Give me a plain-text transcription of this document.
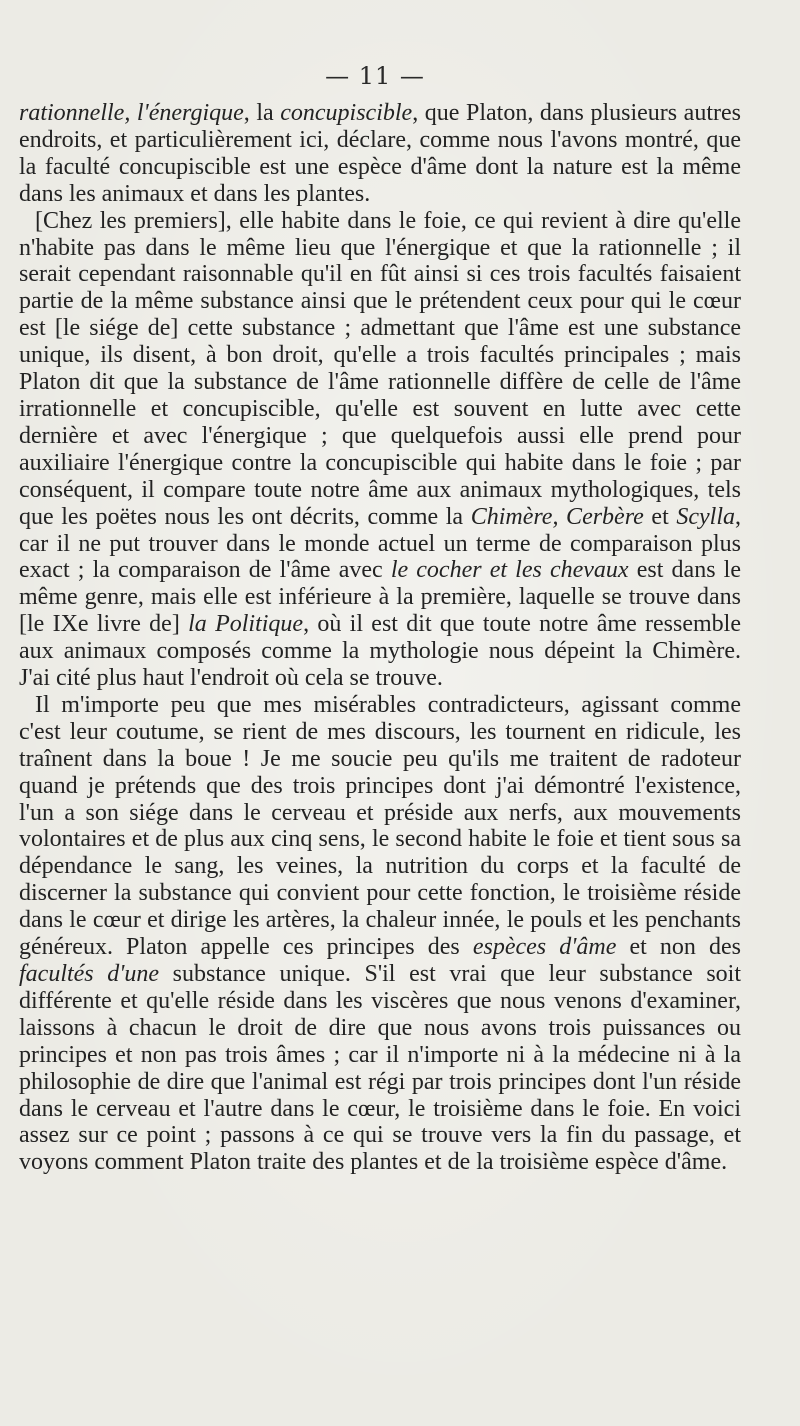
— 11 —

rationnelle, l'énergique, la concupiscible, que Platon, dans plusieurs autres endroits, et particulièrement ici, déclare, comme nous l'avons montré, que la faculté concupiscible est une espèce d'âme dont la nature est la même dans les animaux et dans les plantes.

[Chez les premiers], elle habite dans le foie, ce qui revient à dire qu'elle n'habite pas dans le même lieu que l'énergique et que la rationnelle ; il serait cependant raisonnable qu'il en fût ainsi si ces trois facultés faisaient partie de la même substance ainsi que le prétendent ceux pour qui le cœur est [le siége de] cette substance ; admettant que l'âme est une substance unique, ils disent, à bon droit, qu'elle a trois facultés principales ; mais Platon dit que la substance de l'âme rationnelle diffère de celle de l'âme irrationnelle et concupiscible, qu'elle est souvent en lutte avec cette dernière et avec l'énergique ; que quelquefois aussi elle prend pour auxiliaire l'énergique contre la concupiscible qui habite dans le foie ; par conséquent, il compare toute notre âme aux animaux mythologiques, tels que les poëtes nous les ont décrits, comme la Chimère, Cerbère et Scylla, car il ne put trouver dans le monde actuel un terme de comparaison plus exact ; la comparaison de l'âme avec le cocher et les chevaux est dans le même genre, mais elle est inférieure à la première, laquelle se trouve dans [le IXe livre de] la Politique, où il est dit que toute notre âme ressemble aux animaux composés comme la mythologie nous dépeint la Chimère. J'ai cité plus haut l'endroit où cela se trouve.

Il m'importe peu que mes misérables contradicteurs, agissant comme c'est leur coutume, se rient de mes discours, les tournent en ridicule, les traînent dans la boue ! Je me soucie peu qu'ils me traitent de radoteur quand je prétends que des trois principes dont j'ai démontré l'existence, l'un a son siége dans le cerveau et préside aux nerfs, aux mouvements volontaires et de plus aux cinq sens, le second habite le foie et tient sous sa dépendance le sang, les veines, la nutrition du corps et la faculté de discerner la substance qui convient pour cette fonction, le troisième réside dans le cœur et dirige les artères, la chaleur innée, le pouls et les penchants généreux. Platon appelle ces principes des espèces d'âme et non des facultés d'une substance unique. S'il est vrai que leur substance soit différente et qu'elle réside dans les viscères que nous venons d'examiner, laissons à chacun le droit de dire que nous avons trois puissances ou principes et non pas trois âmes ; car il n'importe ni à la médecine ni à la philosophie de dire que l'animal est régi par trois principes dont l'un réside dans le cerveau et l'autre dans le cœur, le troisième dans le foie. En voici assez sur ce point ; passons à ce qui se trouve vers la fin du passage, et voyons comment Platon traite des plantes et de la troisième espèce d'âme.
